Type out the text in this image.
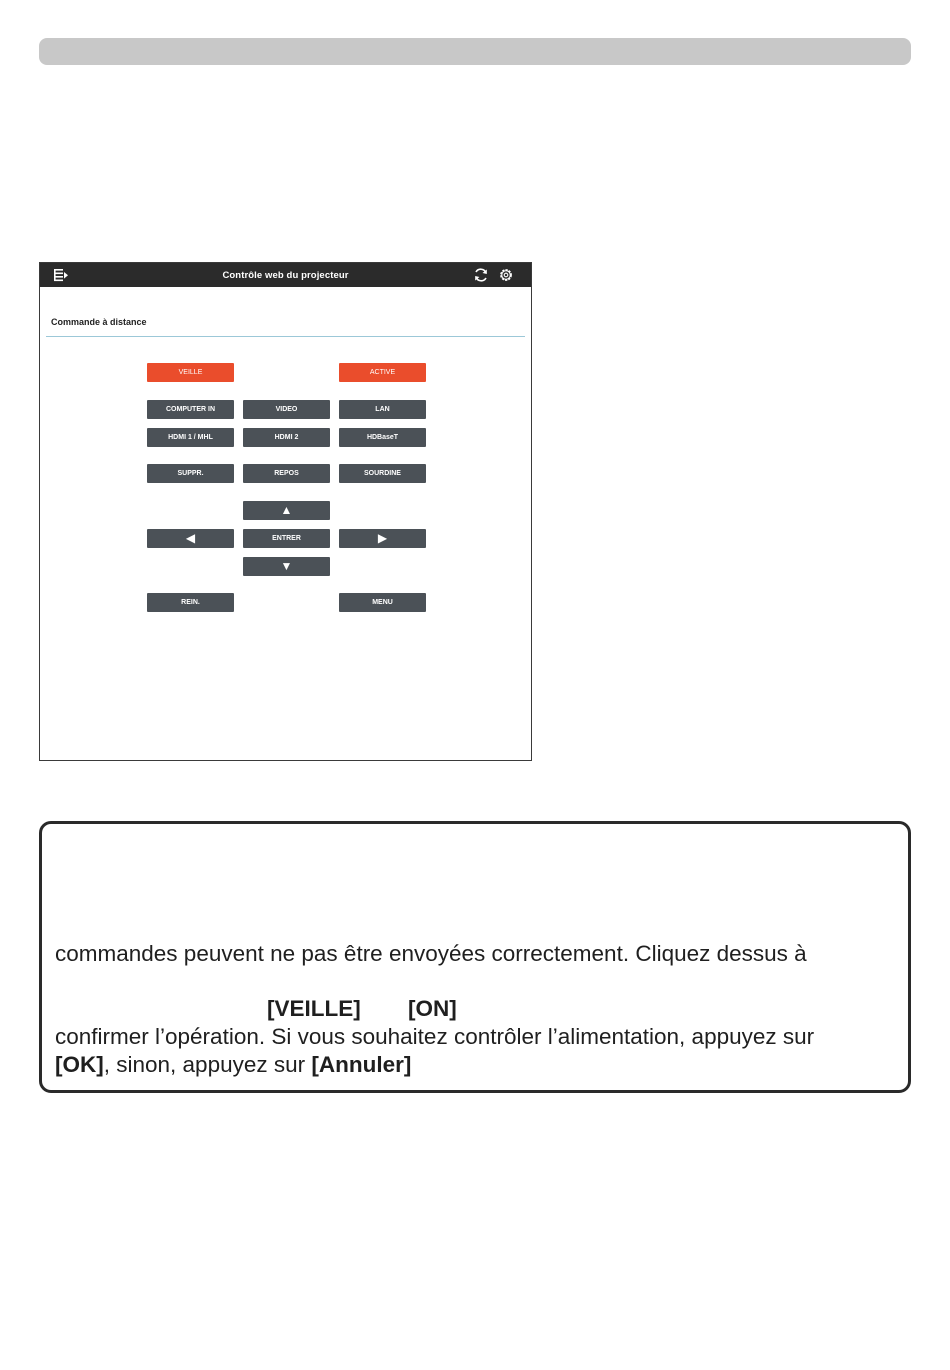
Contrôle web du projecteur
Commande à distance
VEILLE	ACTIVE
COMPUTER IN	VIDEO	LAN
HDMI 1 / MHL	HDMI 2	HDBaseT
SUPPR.	REPOS	SOURDINE
▲
◀	ENTRER	▶
▼
REIN.	MENU
commandes peuvent ne pas être envoyées correctement. Cliquez dessus à
[VEILLE] [ON]
confirmer l’opération. Si vous souhaitez contrôler l’alimentation, appuyez sur
[OK], sinon, appuyez sur [Annuler]
